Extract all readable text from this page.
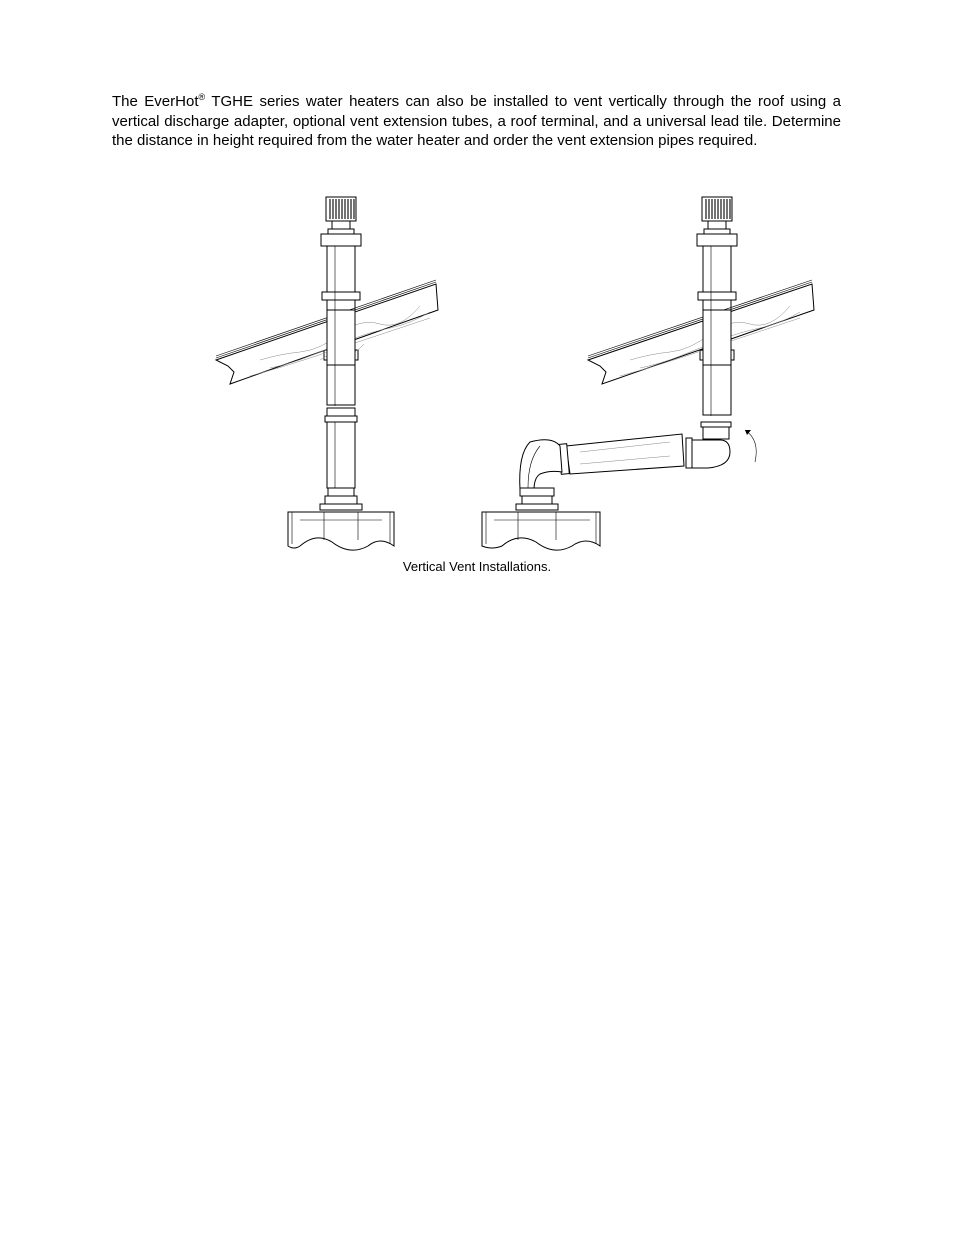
The EverHot® TGHE series water heaters can also be installed to vent vertically through the roof using a vertical discharge adapter, optional vent extension tubes, a roof terminal, and a universal lead tile. Determine the distance in height required from the water heater and order the vent extension pipes required.

Vertical Vent Installations.
